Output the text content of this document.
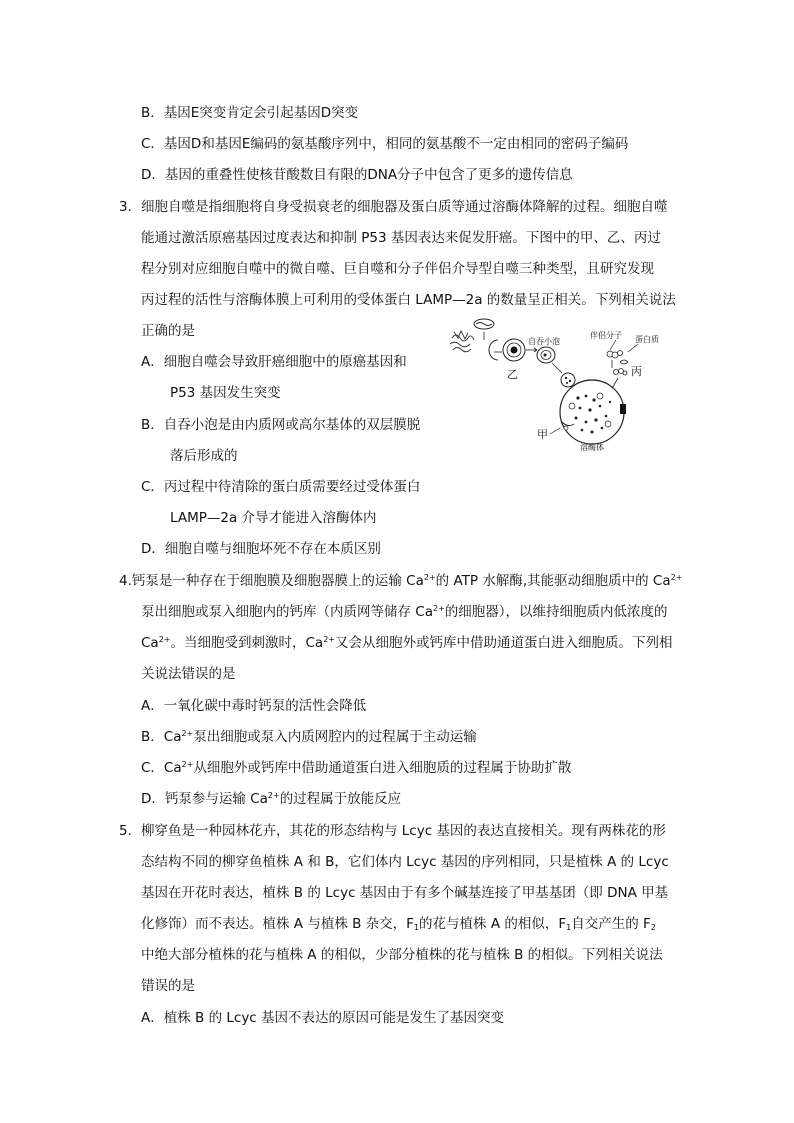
B．基因E突变肯定会引起基因D突变
C．基因D和基因E编码的氨基酸序列中，相同的氨基酸不一定由相同的密码子编码
D．基因的重叠性使核苷酸数目有限的DNA分子中包含了更多的遗传信息
3． 细胞自噬是指细胞将自身受损衰老的细胞器及蛋白质等通过溶酶体降解的过程。细胞自噬
能通过激活原癌基因过度表达和抑制 P53 基因表达来促发肝癌。下图中的甲、乙、丙过
程分别对应细胞自噬中的微自噬、巨自噬和分子伴侣介导型自噬三种类型，且研究发现
丙过程的活性与溶酶体膜上可利用的受体蛋白 LAMP—2a 的数量呈正相关。下列相关说法
正确的是
A．细胞自噬会导致肝癌细胞中的原癌基因和
P53 基因发生突变
B．自吞小泡是由内质网或高尔基体的双层膜脱
落后形成的
C．丙过程中待清除的蛋白质需要经过受体蛋白
LAMP—2a 介导才能进入溶酶体内
D．细胞自噬与细胞坏死不存在本质区别
乙
自吞小泡
伴侣分子 蛋白质
丙
甲
溶酶体
4.钙泵是一种存在于细胞膜及细胞器膜上的运输 $Ca^{2+}$的 ATP 水解酶,其能驱动细胞质中的 $Ca^{2+}$
泵出细胞或泵入细胞内的钙库（内质网等储存 $Ca^{2+}$的细胞器），以维持细胞质内低浓度的
$Ca^{2+}$。当细胞受到刺激时，$Ca^{2+}$又会从细胞外或钙库中借助通道蛋白进入细胞质。下列相
关说法错误的是
A．一氧化碳中毒时钙泵的活性会降低
B．$Ca^{2+}$泵出细胞或泵入内质网腔内的过程属于主动运输
C．$Ca^{2+}$从细胞外或钙库中借助通道蛋白进入细胞质的过程属于协助扩散
D．钙泵参与运输 $Ca^{2+}$的过程属于放能反应
5． 柳穿鱼是一种园林花卉，其花的形态结构与 Lcyc 基因的表达直接相关。现有两株花的形
态结构不同的柳穿鱼植株 A 和 B，它们体内 Lcyc 基因的序列相同，只是植株 A 的 Lcyc
基因在开花时表达，植株 B 的 Lcyc 基因由于有多个碱基连接了甲基基团（即 DNA 甲基
化修饰）而不表达。植株 A 与植株 B 杂交，$F_1$的花与植株 A 的相似，$F_1$自交产生的 $F_2$
中绝大部分植株的花与植株 A 的相似，少部分植株的花与植株 B 的相似。下列相关说法
错误的是
A．植株 B 的 Lcyc 基因不表达的原因可能是发生了基因突变
